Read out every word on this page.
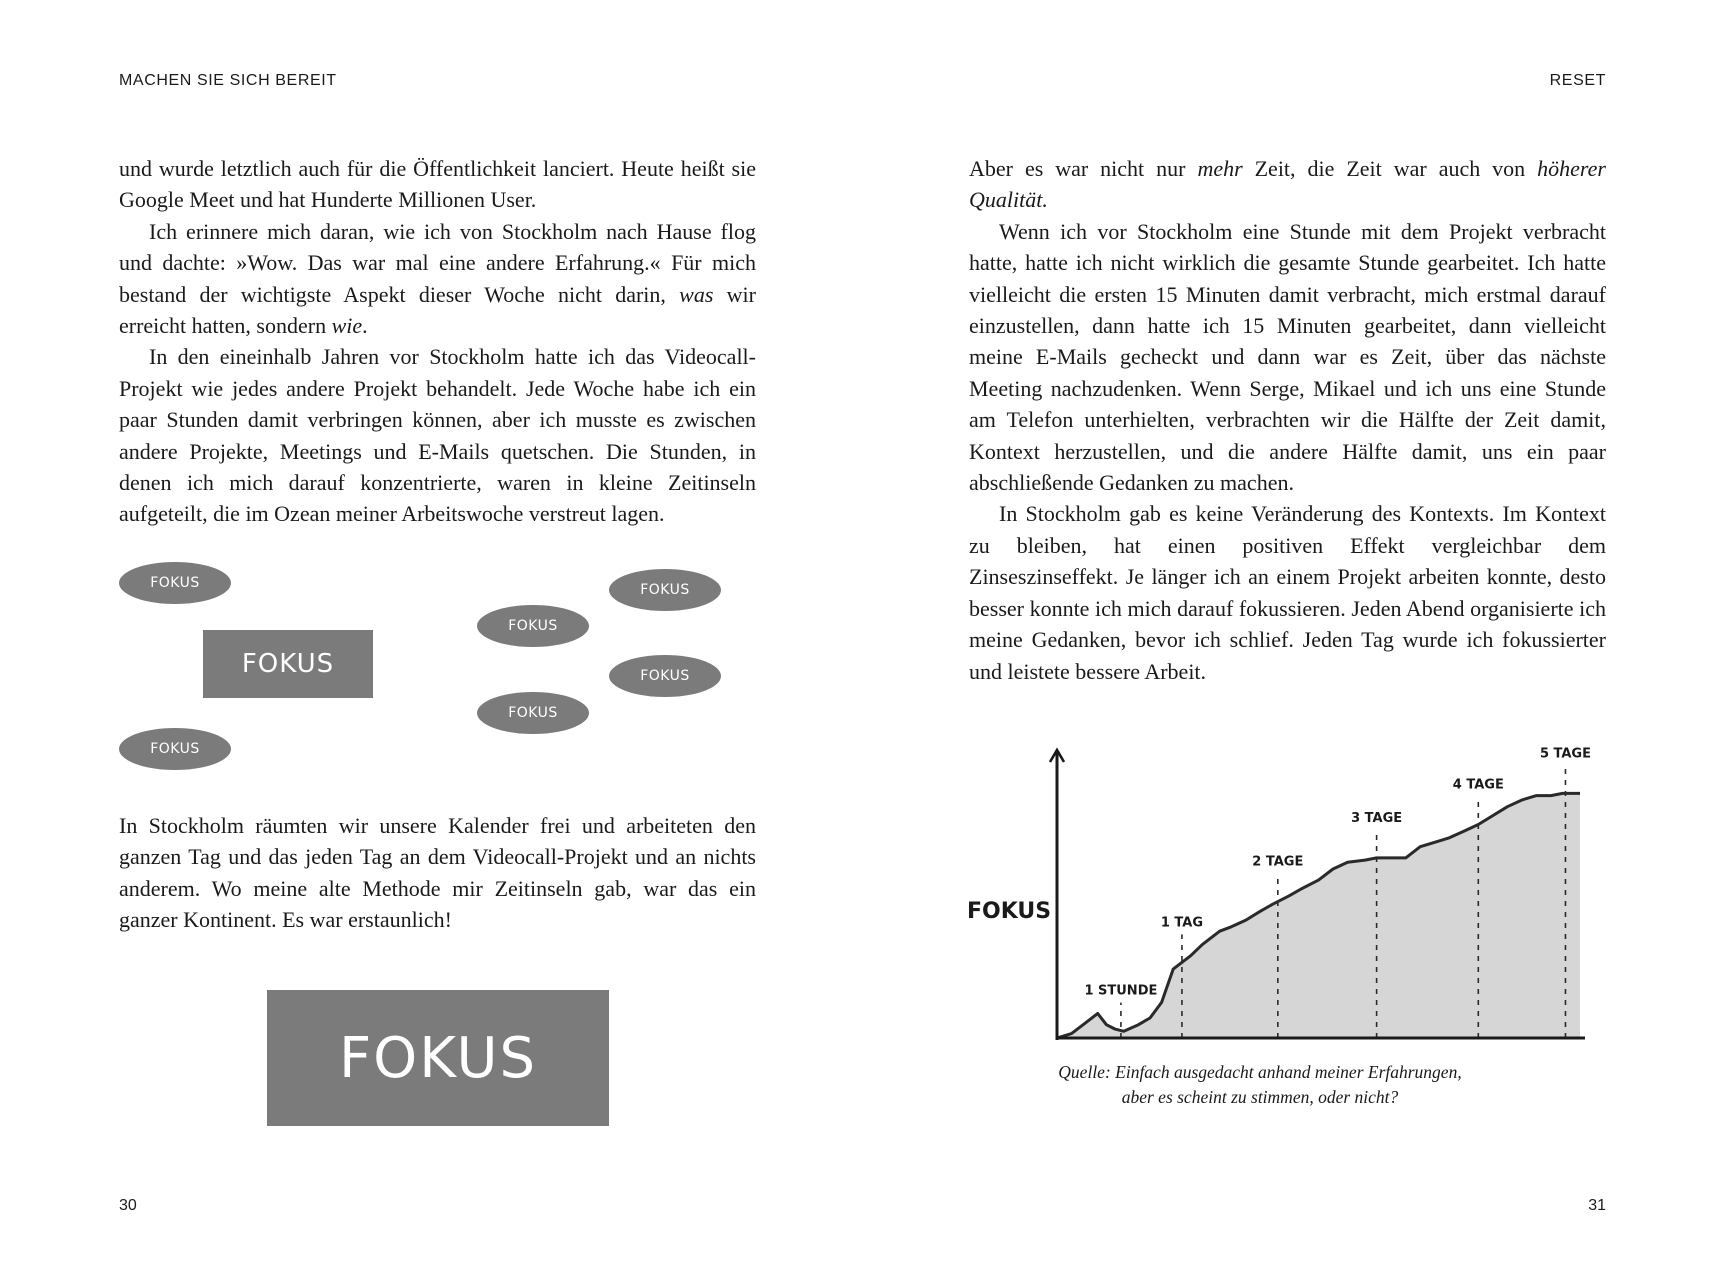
MACHEN SIE SICH BEREIT

und wurde letztlich auch für die Öffentlichkeit lanciert. Heute heißt sie Google Meet und hat Hunderte Millionen User.

Ich erinnere mich daran, wie ich von Stockholm nach Hause flog und dachte: »Wow. Das war mal eine andere Erfahrung.« Für mich bestand der wichtigste Aspekt dieser Woche nicht darin, was wir erreicht hatten, sondern wie.

In den eineinhalb Jahren vor Stockholm hatte ich das Videocall-Projekt wie jedes andere Projekt behandelt. Jede Woche habe ich ein paar Stunden damit verbringen können, aber ich musste es zwischen andere Projekte, Meetings und E-Mails quetschen. Die Stunden, in denen ich mich darauf konzentrierte, waren in kleine Zeitinseln aufgeteilt, die im Ozean meiner Arbeitswoche verstreut lagen.

FOKUS
FOKUS
FOKUS
FOKUS
FOKUS
FOKUS
FOKUS

In Stockholm räumten wir unsere Kalender frei und arbeiteten den ganzen Tag und das jeden Tag an dem Videocall-Projekt und an nichts anderem. Wo meine alte Methode mir Zeitinseln gab, war das ein ganzer Kontinent. Es war erstaunlich!

FOKUS
30
RESET

Aber es war nicht nur mehr Zeit, die Zeit war auch von höherer Qualität.

Wenn ich vor Stockholm eine Stunde mit dem Projekt verbracht hatte, hatte ich nicht wirklich die gesamte Stunde gearbeitet. Ich hatte vielleicht die ersten 15 Minuten damit verbracht, mich erstmal darauf einzustellen, dann hatte ich 15 Minuten gearbeitet, dann vielleicht meine E-Mails gecheckt und dann war es Zeit, über das nächste Meeting nachzudenken. Wenn Serge, Mikael und ich uns eine Stunde am Telefon unterhielten, verbrachten wir die Hälfte der Zeit damit, Kontext herzustellen, und die andere Hälfte damit, uns ein paar abschließende Gedanken zu machen.

In Stockholm gab es keine Veränderung des Kontexts. Im Kontext zu bleiben, hat einen positiven Effekt vergleichbar dem Zinseszinseffekt. Je länger ich an einem Projekt arbeiten konnte, desto besser konnte ich mich darauf fokussieren. Jeden Abend organisierte ich meine Gedanken, bevor ich schlief. Jeden Tag wurde ich fokussierter und leistete bessere Arbeit.

1 STUNDE
1 TAG
2 TAGE
3 TAGE
4 TAGE
5 TAGE
FOKUS
Quelle: Einfach ausgedacht anhand meiner Erfahrungen,
aber es scheint zu stimmen, oder nicht?
31
